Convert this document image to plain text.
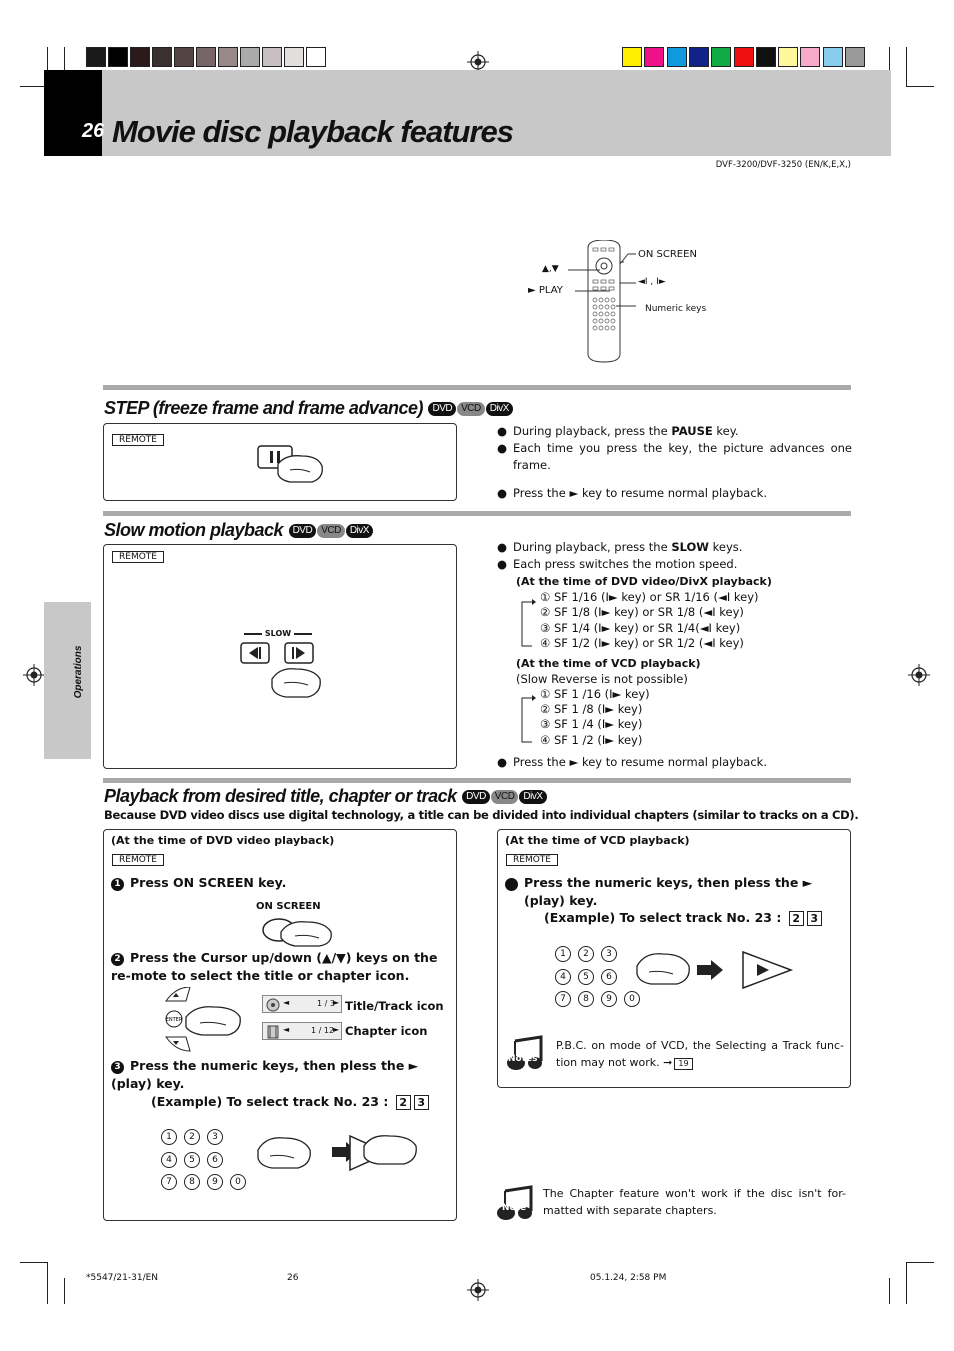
26 Movie disc playback features
DVF-3200/DVF-3250 (EN/K,E,X,)
ON SCREEN
▲,▼
◄I , I►
► PLAY
Numeric keys
Operations
STEP (freeze frame and frame advance) DVD VCD DivX
REMOTE
● During playback, press the PAUSE key.
● Each time you press the key, the picture advances one frame.
● Press the ► key to resume normal playback.
Slow motion playback DVD VCD DivX
REMOTE
SLOW
● During playback, press the SLOW keys.
● Each press switches the motion speed.
(At the time of DVD video/DivX playback)
① SF 1/16 (I► key) or SR 1/16 (◄I key)
② SF 1/8 (I► key) or SR 1/8 (◄I key)
③ SF 1/4 (I► key) or SR 1/4(◄I key)
④ SF 1/2 (I► key) or SR 1/2 (◄I key)
(At the time of VCD playback)
(Slow Reverse is not possible)
① SF 1 /16 (I► key)
② SF 1 /8 (I► key)
③ SF 1 /4 (I► key)
④ SF 1 /2 (I► key)
● Press the ► key to resume normal playback.
Playback from desired title, chapter or track DVD VCD DivX
Because DVD video discs use digital technology, a title can be divided into individual chapters (similar to tracks on a CD).
(At the time of DVD video playback)
REMOTE
1 Press ON SCREEN key.
ON SCREEN
2 Press the Cursor up/down (▲/▼) keys on the re-mote to select the title or chapter icon.
ENTER
◄	1 / 3
► Title/Track icon
◄	1 / 12
► Chapter icon
3 Press the numeric keys, then pless the ► (play) key.
(Example) To select track No. 23 : 2 3
1 2 3
4 5 6
7 8 9 0
(At the time of VCD playback)
REMOTE
1 Press the numeric keys, then pless the ► (play) key.
(Example) To select track No. 23 : 2 3
1 2 3
4 5 6
7 8 9 0
Notes
P.B.C. on mode of VCD, the Selecting a Track func-tion may not work. ➞ 19
Note
The Chapter feature won't work if the disc isn't for-matted with separate chapters.
*5547/21-31/EN	26	05.1.24, 2:58 PM
